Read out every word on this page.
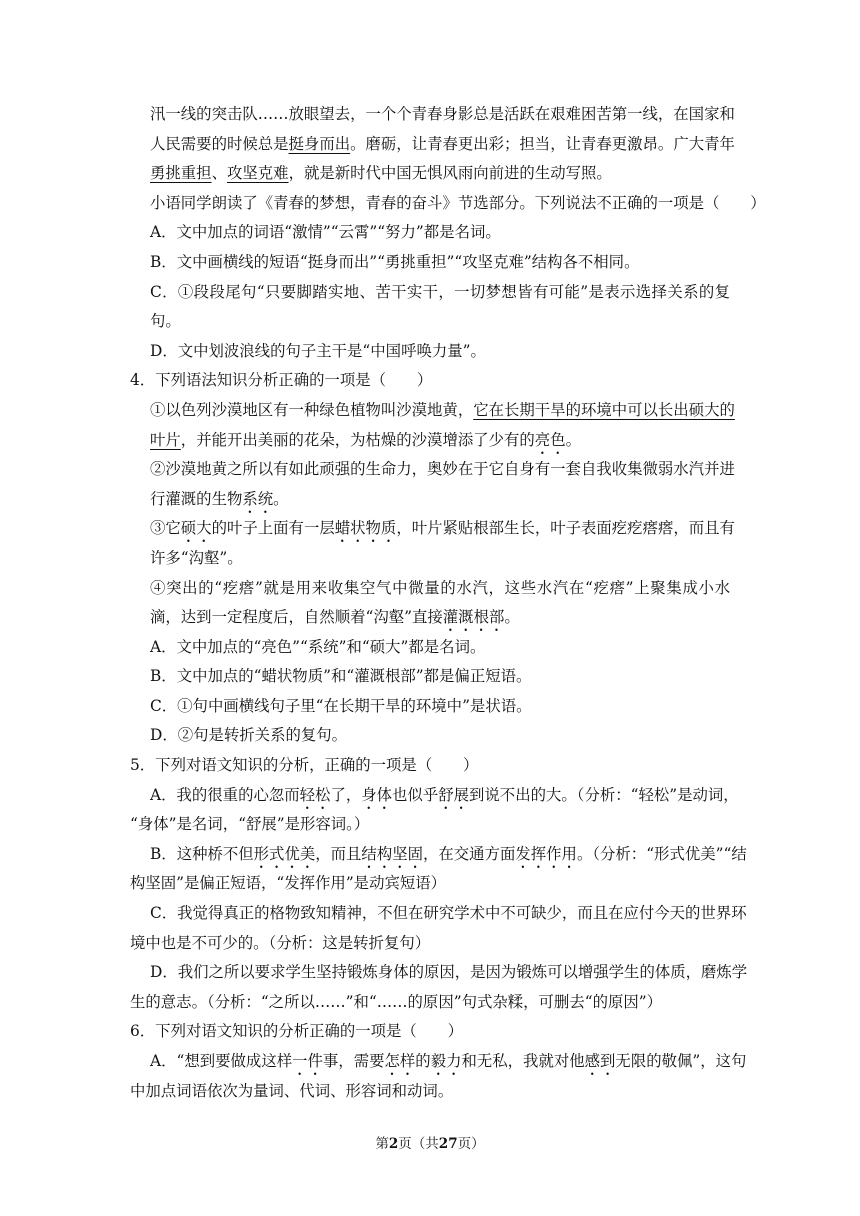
汛一线的突击队……放眼望去，一个个青春身影总是活跃在艰难困苦第一线，在国家和
人民需要的时候总是挺身而出。磨砺，让青春更出彩；担当，让青春更激昂。广大青年
勇挑重担、攻坚克难，就是新时代中国无惧风雨向前进的生动写照。
小语同学朗读了《青春的梦想，青春的奋斗》节选部分。下列说法不正确的一项是（　　）
A．文中加点的词语“激情”“云霄”“努力”都是名词。
B．文中画横线的短语“挺身而出”“勇挑重担”“攻坚克难”结构各不相同。
C．①段段尾句“只要脚踏实地、苦干实干，一切梦想皆有可能”是表示选择关系的复
句。
D．文中划波浪线的句子主干是“中国呼唤力量”。
4．下列语法知识分析正确的一项是（　　）
①以色列沙漠地区有一种绿色植物叫沙漠地黄，它在长期干旱的环境中可以长出硕大的
叶片，并能开出美丽的花朵，为枯燥的沙漠增添了少有的亮色。
②沙漠地黄之所以有如此顽强的生命力，奥妙在于它自身有一套自我收集微弱水汽并进
行灌溉的生物系统。
③它硕大的叶子上面有一层蜡状物质，叶片紧贴根部生长，叶子表面疙疙瘩瘩，而且有
许多“沟壑”。
④突出的“疙瘩”就是用来收集空气中微量的水汽，这些水汽在“疙瘩”上聚集成小水
滴，达到一定程度后，自然顺着“沟壑”直接灌溉根部。
A．文中加点的“亮色”“系统”和“硕大”都是名词。
B．文中加点的“蜡状物质”和“灌溉根部”都是偏正短语。
C．①句中画横线句子里“在长期干旱的环境中”是状语。
D．②句是转折关系的复句。
5．下列对语文知识的分析，正确的一项是（　　）
A．我的很重的心忽而轻松了，身体也似乎舒展到说不出的大。（分析：“轻松”是动词，
“身体”是名词，“舒展”是形容词。）
B．这种桥不但形式优美，而且结构坚固，在交通方面发挥作用。（分析：“形式优美”“结
构坚固”是偏正短语，“发挥作用”是动宾短语）
C．我觉得真正的格物致知精神，不但在研究学术中不可缺少，而且在应付今天的世界环
境中也是不可少的。（分析：这是转折复句）
D．我们之所以要求学生坚持锻炼身体的原因，是因为锻炼可以增强学生的体质，磨炼学
生的意志。（分析：“之所以……”和“……的原因”句式杂糅，可删去“的原因”）
6．下列对语文知识的分析正确的一项是（　　）
A．“想到要做成这样一件事，需要怎样的毅力和无私，我就对他感到无限的敬佩”，这句
中加点词语依次为量词、代词、形容词和动词。
第2页（共27页）
